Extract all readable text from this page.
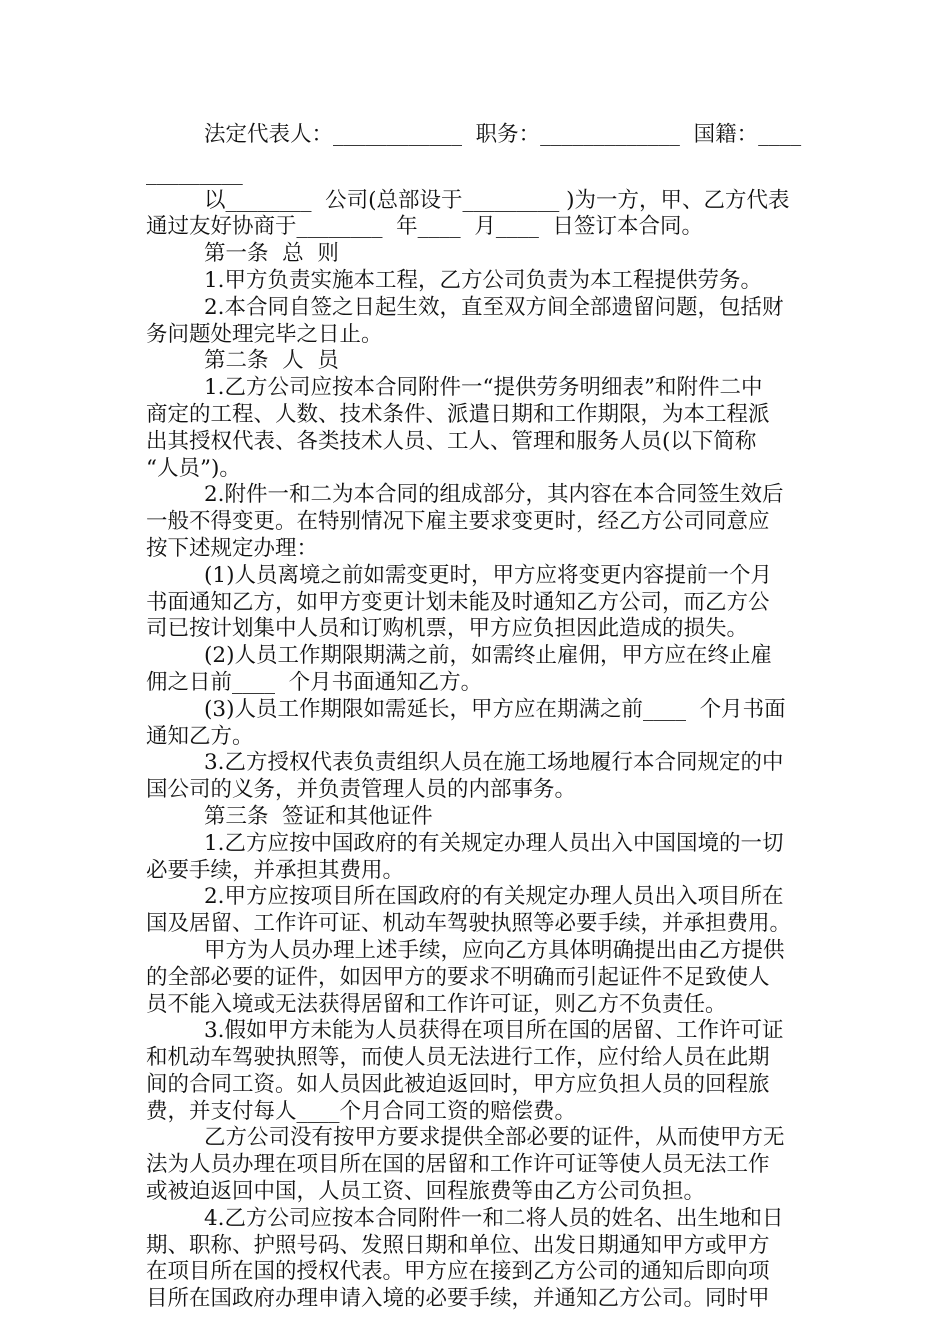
法定代表人：____________  职务：_____________  国籍：____
_________
以________  公司(总部设于_________ )为一方，甲、乙方代表
通过友好协商于________  年____  月____  日签订本合同。
第一条  总  则
1.甲方负责实施本工程，乙方公司负责为本工程提供劳务。
2.本合同自签之日起生效，直至双方间全部遗留问题，包括财
务问题处理完毕之日止。
第二条  人  员
1.乙方公司应按本合同附件一“提供劳务明细表”和附件二中
商定的工程、人数、技术条件、派遣日期和工作期限，为本工程派
出其授权代表、各类技术人员、工人、管理和服务人员(以下简称
“人员”)。
2.附件一和二为本合同的组成部分，其内容在本合同签生效后
一般不得变更。在特别情况下雇主要求变更时，经乙方公司同意应
按下述规定办理：
(1)人员离境之前如需变更时，甲方应将变更内容提前一个月
书面通知乙方，如甲方变更计划未能及时通知乙方公司，而乙方公
司已按计划集中人员和订购机票，甲方应负担因此造成的损失。
(2)人员工作期限期满之前，如需终止雇佣，甲方应在终止雇
佣之日前____  个月书面通知乙方。
(3)人员工作期限如需延长，甲方应在期满之前____  个月书面
通知乙方。
3.乙方授权代表负责组织人员在施工场地履行本合同规定的中
国公司的义务，并负责管理人员的内部事务。
第三条  签证和其他证件
1.乙方应按中国政府的有关规定办理人员出入中国国境的一切
必要手续，并承担其费用。
2.甲方应按项目所在国政府的有关规定办理人员出入项目所在
国及居留、工作许可证、机动车驾驶执照等必要手续，并承担费用。
甲方为人员办理上述手续，应向乙方具体明确提出由乙方提供
的全部必要的证件，如因甲方的要求不明确而引起证件不足致使人
员不能入境或无法获得居留和工作许可证，则乙方不负责任。
3.假如甲方未能为人员获得在项目所在国的居留、工作许可证
和机动车驾驶执照等，而使人员无法进行工作，应付给人员在此期
间的合同工资。如人员因此被迫返回时，甲方应负担人员的回程旅
费，并支付每人____个月合同工资的赔偿费。
乙方公司没有按甲方要求提供全部必要的证件，从而使甲方无
法为人员办理在项目所在国的居留和工作许可证等使人员无法工作
或被迫返回中国，人员工资、回程旅费等由乙方公司负担。
4.乙方公司应按本合同附件一和二将人员的姓名、出生地和日
期、职称、护照号码、发照日期和单位、出发日期通知甲方或甲方
在项目所在国的授权代表。甲方应在接到乙方公司的通知后即向项
目所在国政府办理申请入境的必要手续，并通知乙方公司。同时甲
